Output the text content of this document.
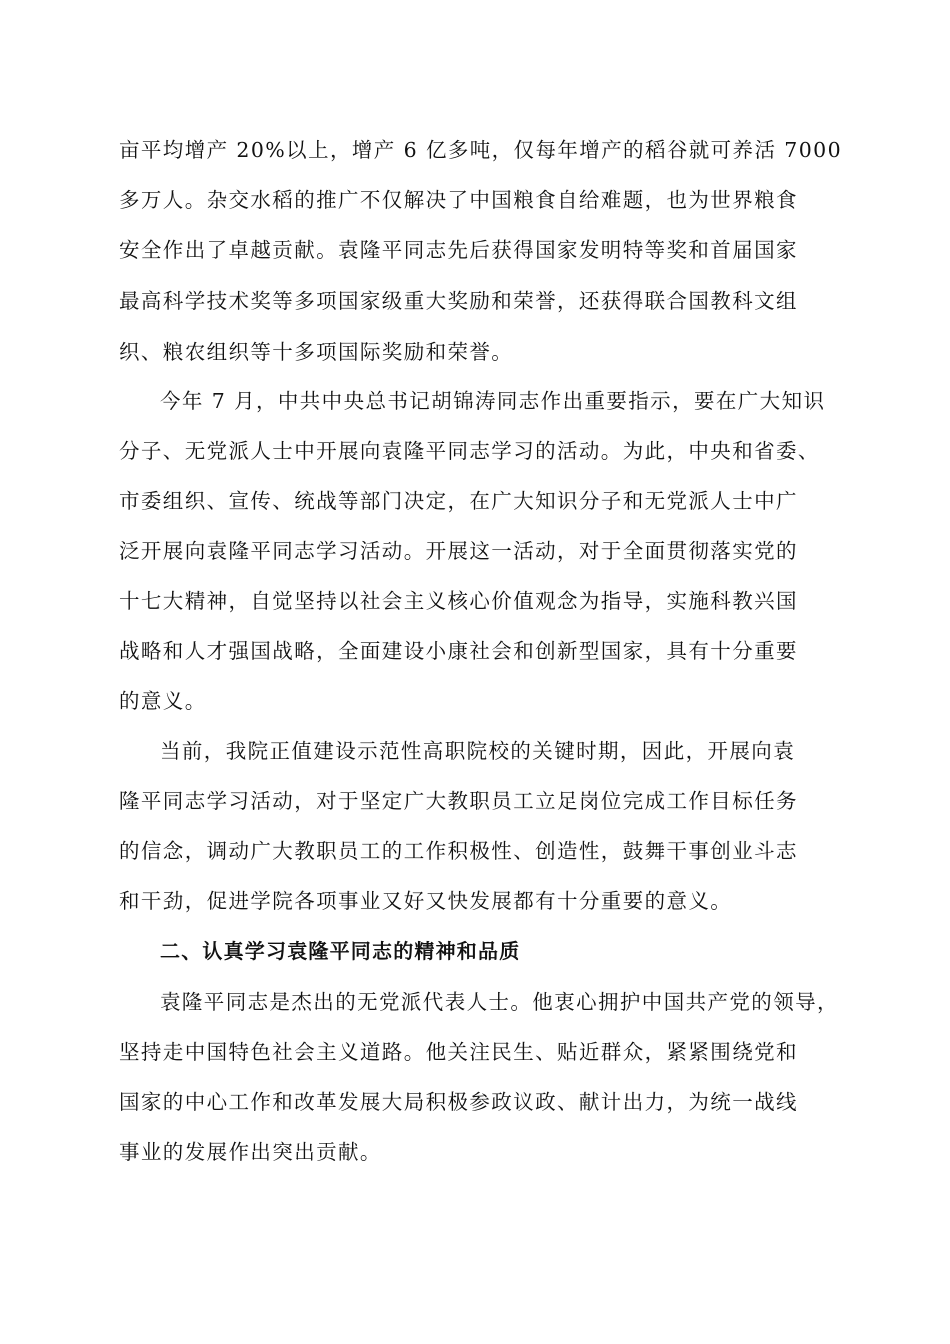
亩平均增产 20%以上，增产 6 亿多吨，仅每年增产的稻谷就可养活 7000
多万人。杂交水稻的推广不仅解决了中国粮食自给难题，也为世界粮食
安全作出了卓越贡献。袁隆平同志先后获得国家发明特等奖和首届国家
最高科学技术奖等多项国家级重大奖励和荣誉，还获得联合国教科文组
织、粮农组织等十多项国际奖励和荣誉。
今年 7 月，中共中央总书记胡锦涛同志作出重要指示，要在广大知识
分子、无党派人士中开展向袁隆平同志学习的活动。为此，中央和省委、
市委组织、宣传、统战等部门决定，在广大知识分子和无党派人士中广
泛开展向袁隆平同志学习活动。开展这一活动，对于全面贯彻落实党的
十七大精神，自觉坚持以社会主义核心价值观念为指导，实施科教兴国
战略和人才强国战略，全面建设小康社会和创新型国家，具有十分重要
的意义。
当前，我院正值建设示范性高职院校的关键时期，因此，开展向袁
隆平同志学习活动，对于坚定广大教职员工立足岗位完成工作目标任务
的信念，调动广大教职员工的工作积极性、创造性，鼓舞干事创业斗志
和干劲，促进学院各项事业又好又快发展都有十分重要的意义。
二、认真学习袁隆平同志的精神和品质
袁隆平同志是杰出的无党派代表人士。他衷心拥护中国共产党的领导，
坚持走中国特色社会主义道路。他关注民生、贴近群众，紧紧围绕党和
国家的中心工作和改革发展大局积极参政议政、献计出力，为统一战线
事业的发展作出突出贡献。
